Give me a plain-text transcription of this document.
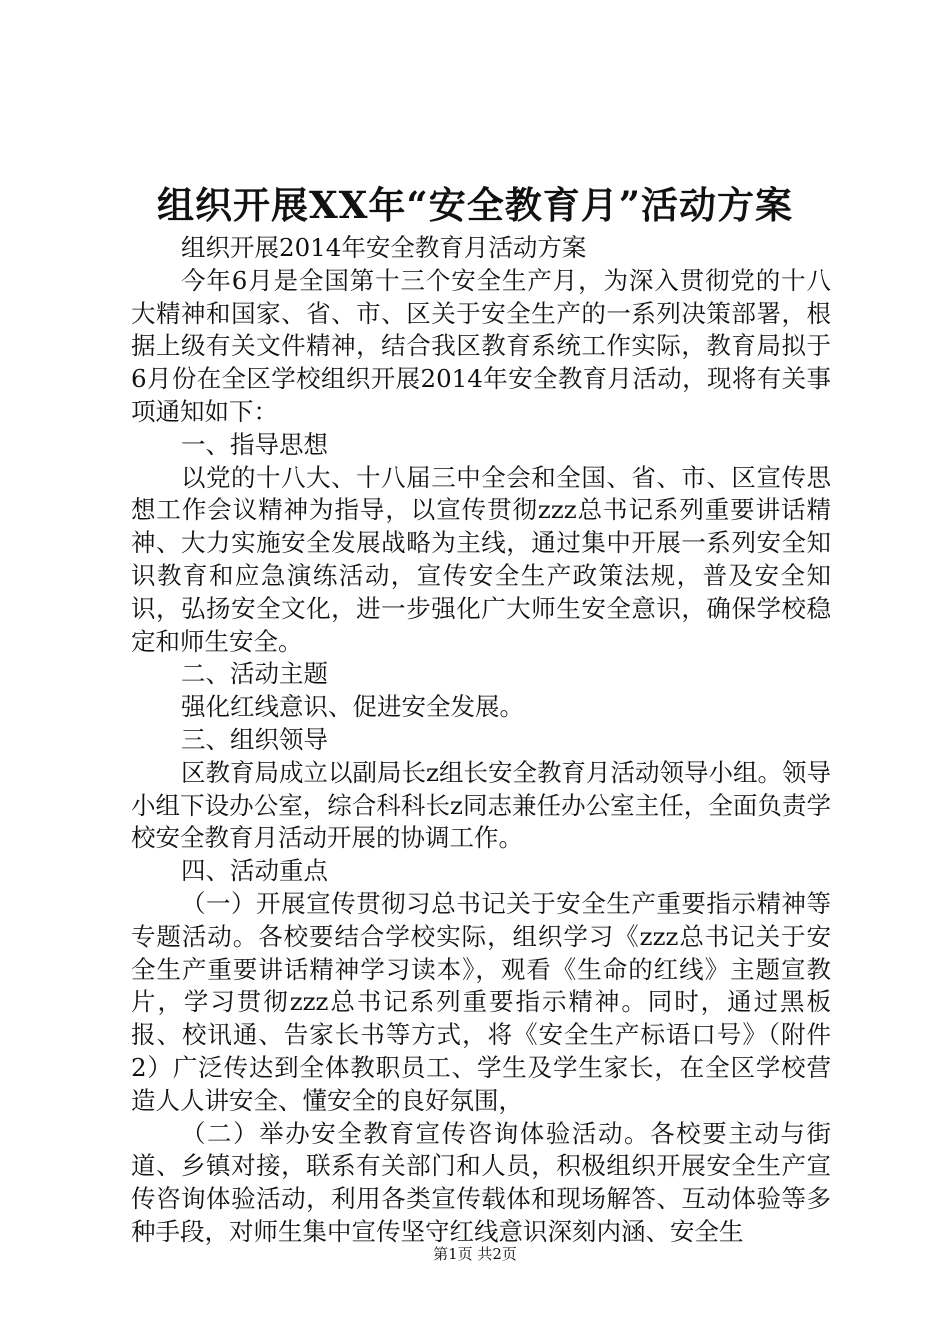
组织开展XX年“安全教育月”活动方案

组织开展2014年安全教育月活动方案

今年6月是全国第十三个安全生产月，为深入贯彻党的十八大精神和国家、省、市、区关于安全生产的一系列决策部署，根据上级有关文件精神，结合我区教育系统工作实际，教育局拟于6月份在全区学校组织开展2014年安全教育月活动，现将有关事项通知如下：

一、指导思想

以党的十八大、十八届三中全会和全国、省、市、区宣传思想工作会议精神为指导，以宣传贯彻zzz总书记系列重要讲话精神、大力实施安全发展战略为主线，通过集中开展一系列安全知识教育和应急演练活动，宣传安全生产政策法规，普及安全知识，弘扬安全文化，进一步强化广大师生安全意识，确保学校稳定和师生安全。

二、活动主题

强化红线意识、促进安全发展。

三、组织领导

区教育局成立以副局长z组长安全教育月活动领导小组。领导小组下设办公室，综合科科长z同志兼任办公室主任，全面负责学校安全教育月活动开展的协调工作。

四、活动重点

（一）开展宣传贯彻习总书记关于安全生产重要指示精神等专题活动。各校要结合学校实际，组织学习《zzz总书记关于安全生产重要讲话精神学习读本》，观看《生命的红线》主题宣教片，学习贯彻zzz总书记系列重要指示精神。同时，通过黑板报、校讯通、告家长书等方式，将《安全生产标语口号》（附件2）广泛传达到全体教职员工、学生及学生家长，在全区学校营造人人讲安全、懂安全的良好氛围，

（二）举办安全教育宣传咨询体验活动。各校要主动与街道、乡镇对接，联系有关部门和人员，积极组织开展安全生产宣传咨询体验活动，利用各类宣传载体和现场解答、互动体验等多种手段，对师生集中宣传坚守红线意识深刻内涵、安全生

第1页 共2页
